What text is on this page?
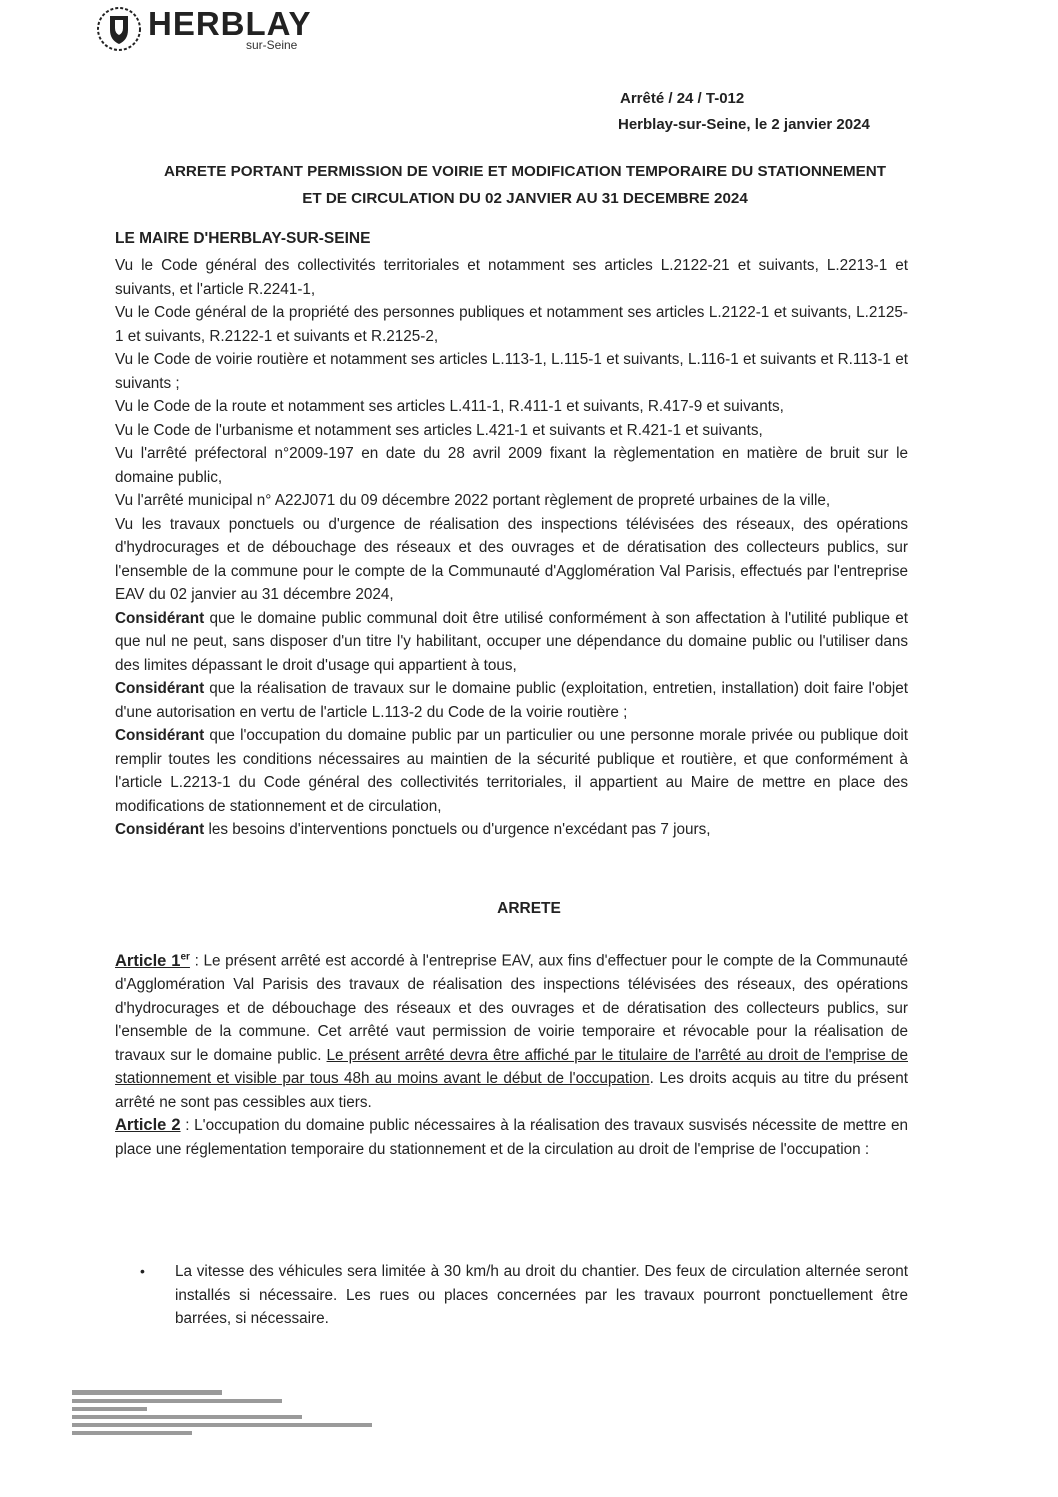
HERBLAY
sur-Seine
Arrêté / 24 / T-012
Herblay-sur-Seine, le 2 janvier 2024
ARRETE PORTANT PERMISSION DE VOIRIE ET MODIFICATION TEMPORAIRE DU STATIONNEMENT
ET DE CIRCULATION DU 02 JANVIER AU 31 DECEMBRE 2024
LE MAIRE D'HERBLAY-SUR-SEINE

Vu le Code général des collectivités territoriales et notamment ses articles L.2122-21 et suivants, L.2213-1 et suivants, et l'article R.2241-1,

Vu le Code général de la propriété des personnes publiques et notamment ses articles L.2122-1 et suivants, L.2125-1 et suivants, R.2122-1 et suivants et R.2125-2,

Vu le Code de voirie routière et notamment ses articles L.113-1, L.115-1 et suivants, L.116-1 et suivants et R.113-1 et suivants ;

Vu le Code de la route et notamment ses articles L.411-1, R.411-1 et suivants, R.417-9 et suivants,

Vu le Code de l'urbanisme et notamment ses articles L.421-1 et suivants et R.421-1 et suivants,

Vu l'arrêté préfectoral n°2009-197 en date du 28 avril 2009 fixant la règlementation en matière de bruit sur le domaine public,

Vu l'arrêté municipal n° A22J071 du 09 décembre 2022 portant règlement de propreté urbaines de la ville,

Vu les travaux ponctuels ou d'urgence de réalisation des inspections télévisées des réseaux, des opérations d'hydrocurages et de débouchage des réseaux et des ouvrages et de dératisation des collecteurs publics, sur l'ensemble de la commune pour le compte de la Communauté d'Agglomération Val Parisis, effectués par l'entreprise EAV du 02 janvier au 31 décembre 2024,

Considérant que le domaine public communal doit être utilisé conformément à son affectation à l'utilité publique et que nul ne peut, sans disposer d'un titre l'y habilitant, occuper une dépendance du domaine public ou l'utiliser dans des limites dépassant le droit d'usage qui appartient à tous,

Considérant que la réalisation de travaux sur le domaine public (exploitation, entretien, installation) doit faire l'objet d'une autorisation en vertu de l'article L.113-2 du Code de la voirie routière ;

Considérant que l'occupation du domaine public par un particulier ou une personne morale privée ou publique doit remplir toutes les conditions nécessaires au maintien de la sécurité publique et routière, et que conformément à l'article L.2213-1 du Code général des collectivités territoriales, il appartient au Maire de mettre en place des modifications de stationnement et de circulation,

Considérant les besoins d'interventions ponctuels ou d'urgence n'excédant pas 7 jours,

ARRETE

Article 1er : Le présent arrêté est accordé à l'entreprise EAV, aux fins d'effectuer pour le compte de la Communauté d'Agglomération Val Parisis des travaux de réalisation des inspections télévisées des réseaux, des opérations d'hydrocurages et de débouchage des réseaux et des ouvrages et de dératisation des collecteurs publics, sur l'ensemble de la commune. Cet arrêté vaut permission de voirie temporaire et révocable pour la réalisation de travaux sur le domaine public. Le présent arrêté devra être affiché par le titulaire de l'arrêté au droit de l'emprise de stationnement et visible par tous 48h au moins avant le début de l'occupation. Les droits acquis au titre du présent arrêté ne sont pas cessibles aux tiers.

Article 2 : L'occupation du domaine public nécessaires à la réalisation des travaux susvisés nécessite de mettre en place une réglementation temporaire du stationnement et de la circulation au droit de l'emprise de l'occupation :

•	La vitesse des véhicules sera limitée à 30 km/h au droit du chantier. Des feux de circulation alternée seront installés si nécessaire. Les rues ou places concernées par les travaux pourront ponctuellement être barrées, si nécessaire.
